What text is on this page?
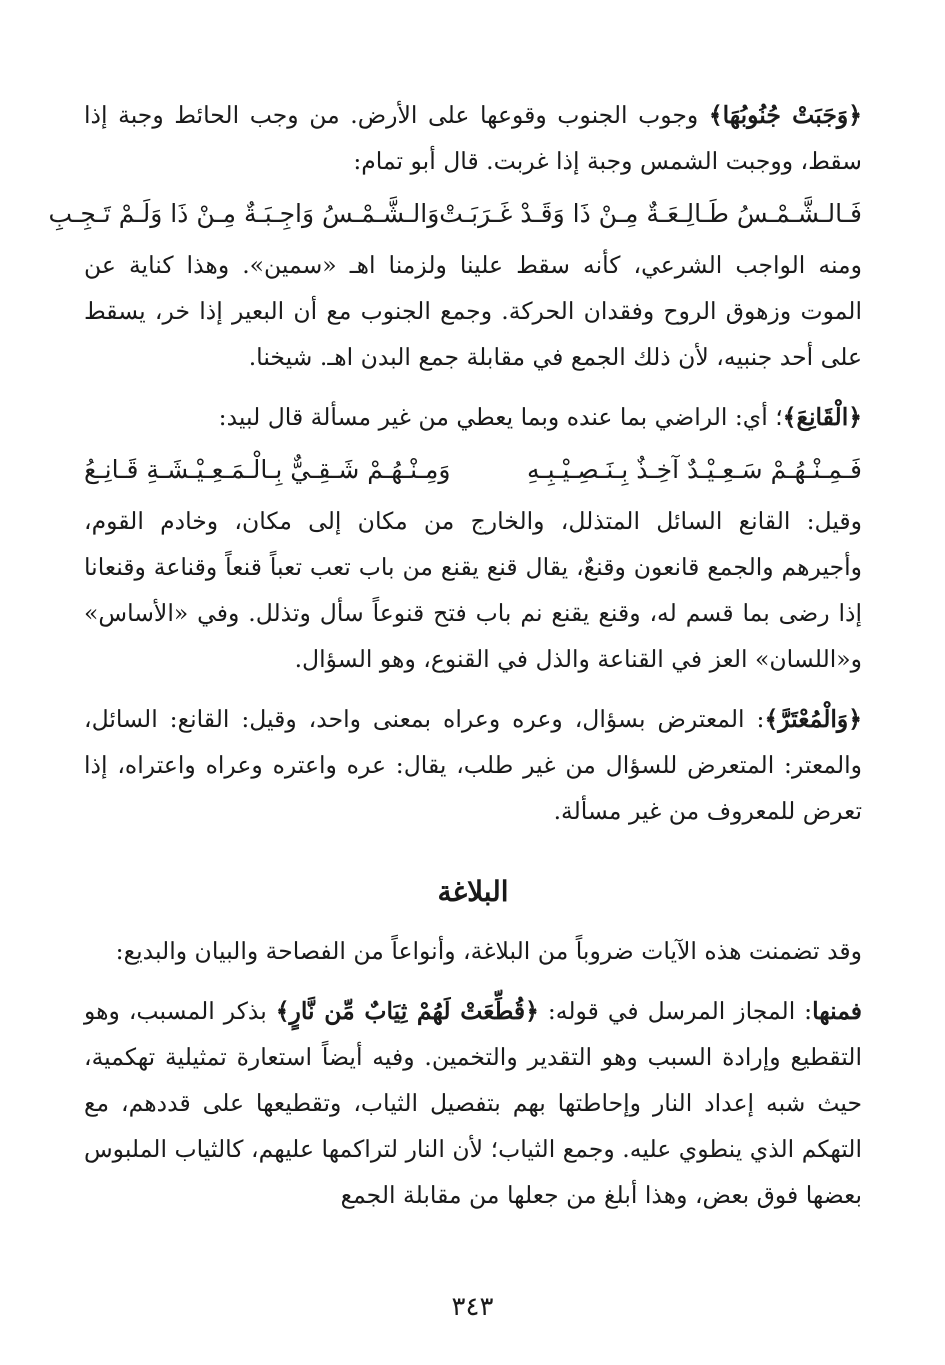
﴿وَجَبَتْ جُنُوبُهَا﴾ وجوب الجنوب وقوعها على الأرض. من وجب الحائط وجبة إذا سقط، ووجبت الشمس وجبة إذا غربت. قال أبو تمام:

فَـالـشَّـمْـسُ طَـالِـعَـةٌ مِـنْ ذَا وَقَـدْ غَـرَبَـتْ
وَالـشَّـمْـسُ وَاجِـبَـةٌ مِـنْ ذَا وَلَـمْ تَـجِـبِ

ومنه الواجب الشرعي، كأنه سقط علينا ولزمنا اهـ «سمين». وهذا كناية عن الموت وزهوق الروح وفقدان الحركة. وجمع الجنوب مع أن البعير إذا خر، يسقط على أحد جنبيه، لأن ذلك الجمع في مقابلة جمع البدن اهـ. شيخنا.

﴿الْقَانِعَ﴾؛ أي: الراضي بما عنده وبما يعطي من غير مسألة قال لبيد:

فَـمِـنْـهُـمْ سَـعِـيْـدٌ آخِـذٌ بِـنَـصِـيْـبِـهِ
وَمِـنْـهُـمْ شَـقِـيٌّ بِـالْـمَـعِـيْـشَـةِ قَـانِـعُ

وقيل: القانع السائل المتذلل، والخارج من مكان إلى مكان، وخادم القوم، وأجيرهم والجمع قانعون وقنعٌ، يقال قنع يقنع من باب تعب تعباً قنعاً وقناعة وقنعانا إذا رضى بما قسم له، وقنع يقنع نم باب فتح قنوعاً سأل وتذلل. وفي «الأساس» و«اللسان» العز في القناعة والذل في القنوع، وهو السؤال.

﴿وَالْمُعْتَرَّ﴾: المعترض بسؤال، وعره وعراه بمعنى واحد، وقيل: القانع: السائل، والمعتر: المتعرض للسؤال من غير طلب، يقال: عره واعتره وعراه واعتراه، إذا تعرض للمعروف من غير مسألة.

البلاغة

وقد تضمنت هذه الآيات ضروباً من البلاغة، وأنواعاً من الفصاحة والبيان والبديع:

فمنها: المجاز المرسل في قوله: ﴿قُطِّعَتْ لَهُمْ ثِيَابٌ مِّن نَّارٍ﴾ بذكر المسبب، وهو التقطيع وإرادة السبب وهو التقدير والتخمين. وفيه أيضاً استعارة تمثيلية تهكمية، حيث شبه إعداد النار وإحاطتها بهم بتفصيل الثياب، وتقطيعها على قددهم، مع التهكم الذي ينطوي عليه. وجمع الثياب؛ لأن النار لتراكمها عليهم، كالثياب الملبوس بعضها فوق بعض، وهذا أبلغ من جعلها من مقابلة الجمع

٣٤٣
